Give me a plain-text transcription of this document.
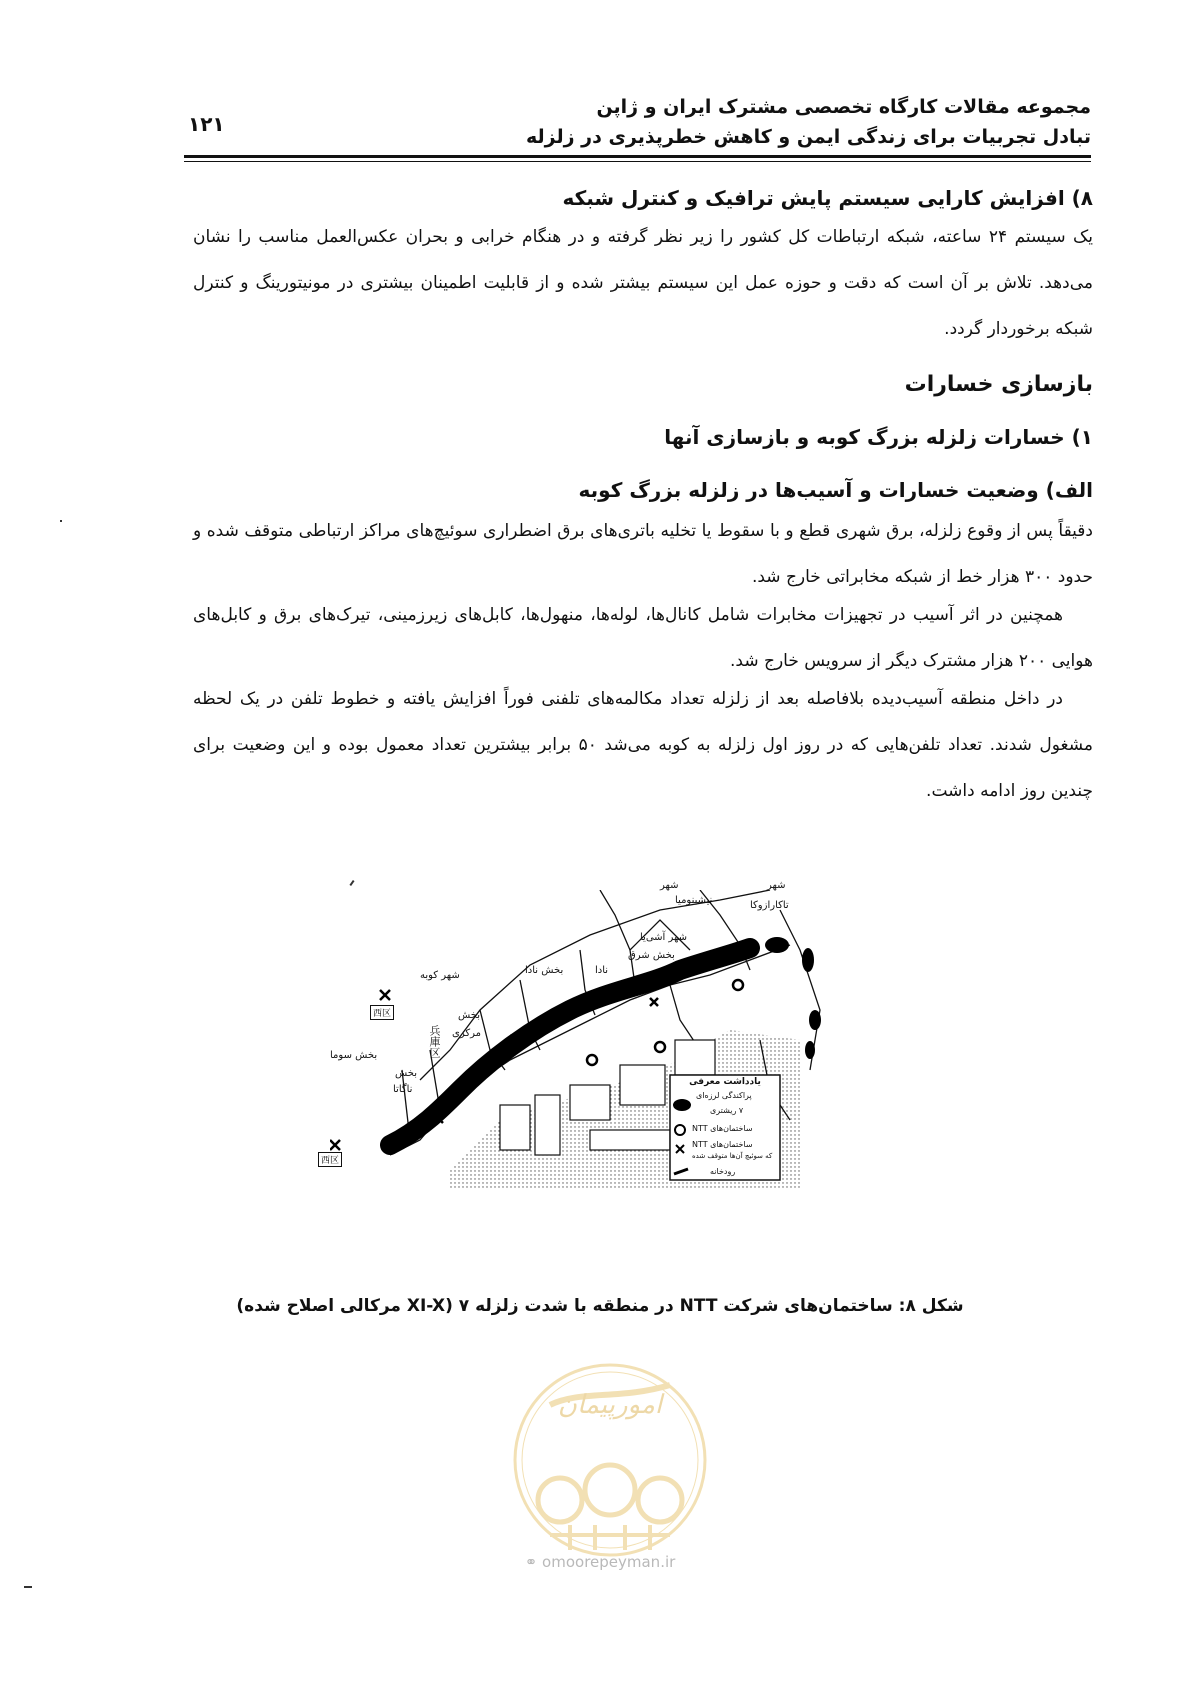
مجموعه مقالات کارگاه تخصصی مشترک ایران و ژاپن
تبادل تجربیات برای زندگی ایمن و کاهش خطرپذیری در زلزله
۱۲۱
۸) افزایش کارایی سیستم پایش ترافیک و کنترل شبکه
یک سیستم ۲۴ ساعته، شبکه ارتباطات کل کشور را زیر نظر گرفته و در هنگام خرابی و بحران عکس‌العمل مناسب را نشان می‌دهد. تلاش بر آن است که دقت و حوزه عمل این سیستم بیشتر شده و از قابلیت اطمینان بیشتری در مونیتورینگ و کنترل شبکه برخوردار گردد.
بازسازی خسارات
۱) خسارات زلزله بزرگ کوبه و بازسازی آنها
الف) وضعیت خسارات و آسیب‌ها در زلزله بزرگ کوبه
دقیقاً پس از وقوع زلزله، برق شهری قطع و با سقوط یا تخلیه باتری‌های برق اضطراری سوئیچ‌های مراکز ارتباطی متوقف شده و حدود ۳۰۰ هزار خط از شبکه مخابراتی خارج شد.
همچنین در اثر آسیب در تجهیزات مخابرات شامل کانال‌ها، لوله‌ها، منهول‌ها، کابل‌های زیرزمینی، تیرک‌های برق و کابل‌های هوایی ۲۰۰ هزار مشترک دیگر از سرویس خارج شد.
در داخل منطقه آسیب‌دیده بلافاصله بعد از زلزله تعداد مکالمه‌های تلفنی فوراً افزایش یافته و خطوط تلفن در یک لحظه مشغول شدند. تعداد تلفن‌هایی که در روز اول زلزله به کوبه می‌شد ۵۰ برابر بیشترین تعداد معمول بوده و این وضعیت برای چندین روز ادامه داشت.
شهر
تاکارازوکا
شهر
نیشینومیا
شهر آشی‌یا
بخش شرق
نادا
بخش نادا
شهر کوبه
بخش
مرکزی
兵庫区
بخش سوما
بخش
ناگاتا
西区
西区
یادداشت معرفی
پراکندگی لرزه‌ای
۷ ریشتری
ساختمان‌های NTT
ساختمان‌های NTT
که سوئیچ آن‌ها متوقف شده
رودخانه
شکل ۸: ساختمان‌های شرکت NTT در منطقه با شدت زلزله ۷ (XI-X مرکالی اصلاح شده)
امورپیمان
⚭ omoorepeyman.ir
